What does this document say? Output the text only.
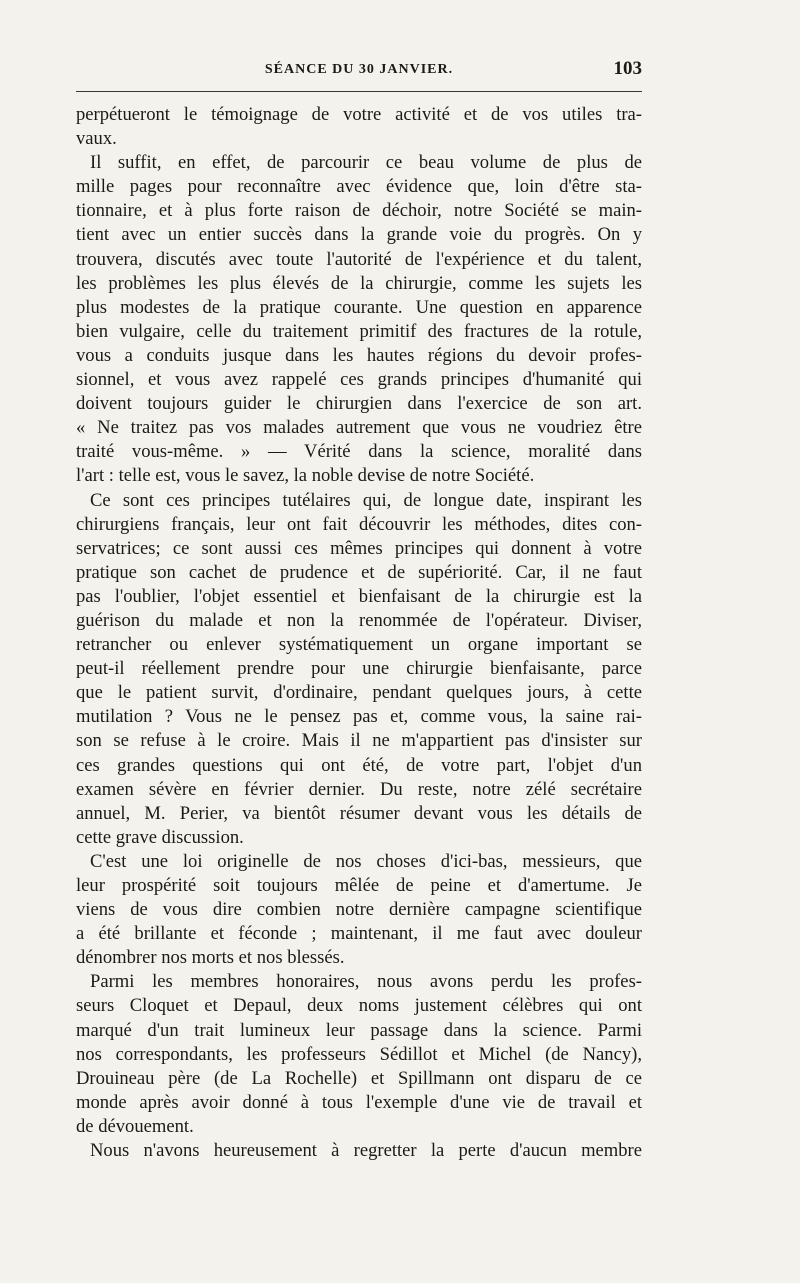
SÉANCE DU 30 JANVIER.	103
perpétueront le témoignage de votre activité et de vos utiles tra-
vaux.
Il suffit, en effet, de parcourir ce beau volume de plus de
mille pages pour reconnaître avec évidence que, loin d'être sta-
tionnaire, et à plus forte raison de déchoir, notre Société se main-
tient avec un entier succès dans la grande voie du progrès. On y
trouvera, discutés avec toute l'autorité de l'expérience et du talent,
les problèmes les plus élevés de la chirurgie, comme les sujets les
plus modestes de la pratique courante. Une question en apparence
bien vulgaire, celle du traitement primitif des fractures de la rotule,
vous a conduits jusque dans les hautes régions du devoir profes-
sionnel, et vous avez rappelé ces grands principes d'humanité qui
doivent toujours guider le chirurgien dans l'exercice de son art.
« Ne traitez pas vos malades autrement que vous ne voudriez être
traité vous-même. » — Vérité dans la science, moralité dans
l'art : telle est, vous le savez, la noble devise de notre Société.
Ce sont ces principes tutélaires qui, de longue date, inspirant les
chirurgiens français, leur ont fait découvrir les méthodes, dites con-
servatrices; ce sont aussi ces mêmes principes qui donnent à votre
pratique son cachet de prudence et de supériorité. Car, il ne faut
pas l'oublier, l'objet essentiel et bienfaisant de la chirurgie est la
guérison du malade et non la renommée de l'opérateur. Diviser,
retrancher ou enlever systématiquement un organe important se
peut-il réellement prendre pour une chirurgie bienfaisante, parce
que le patient survit, d'ordinaire, pendant quelques jours, à cette
mutilation ? Vous ne le pensez pas et, comme vous, la saine rai-
son se refuse à le croire. Mais il ne m'appartient pas d'insister sur
ces grandes questions qui ont été, de votre part, l'objet d'un
examen sévère en février dernier. Du reste, notre zélé secrétaire
annuel, M. Perier, va bientôt résumer devant vous les détails de
cette grave discussion.
C'est une loi originelle de nos choses d'ici-bas, messieurs, que
leur prospérité soit toujours mêlée de peine et d'amertume. Je
viens de vous dire combien notre dernière campagne scientifique
a été brillante et féconde ; maintenant, il me faut avec douleur
dénombrer nos morts et nos blessés.
Parmi les membres honoraires, nous avons perdu les profes-
seurs Cloquet et Depaul, deux noms justement célèbres qui ont
marqué d'un trait lumineux leur passage dans la science. Parmi
nos correspondants, les professeurs Sédillot et Michel (de Nancy),
Drouineau père (de La Rochelle) et Spillmann ont disparu de ce
monde après avoir donné à tous l'exemple d'une vie de travail et
de dévouement.
Nous n'avons heureusement à regretter la perte d'aucun membre
